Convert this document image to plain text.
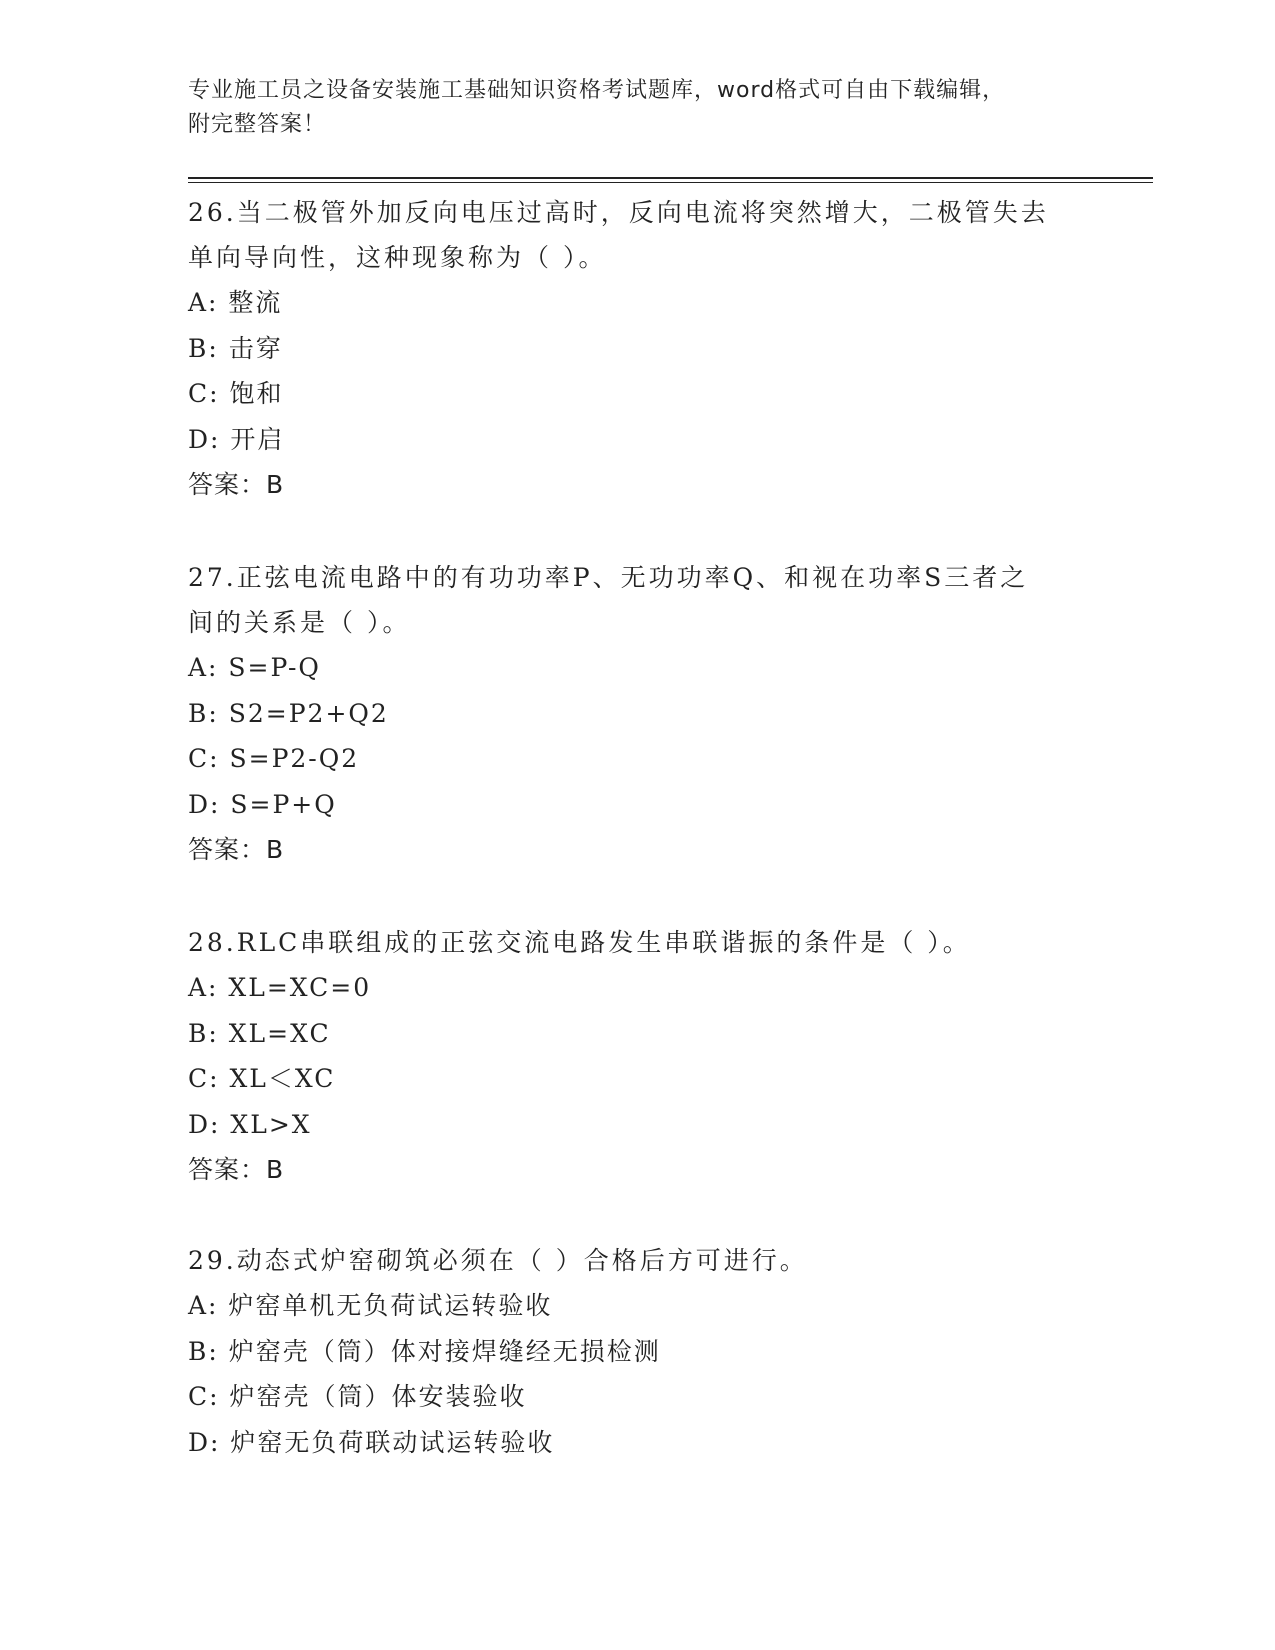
专业施工员之设备安装施工基础知识资格考试题库，word格式可自由下载编辑，
附完整答案！
26.当二极管外加反向电压过高时，反向电流将突然增大，二极管失去
单向导向性，这种现象称为（ ）。
A: 整流
B: 击穿
C: 饱和
D: 开启
答案：B
27.正弦电流电路中的有功功率P、无功功率Q、和视在功率S三者之
间的关系是（ ）。
A: S=P-Q
B: S2=P2+Q2
C: S=P2-Q2
D: S=P+Q
答案：B
28.RLC串联组成的正弦交流电路发生串联谐振的条件是（ ）。
A: XL=XC=0
B: XL=XC
C: XL＜XC
D: XL>X
答案：B
29.动态式炉窑砌筑必须在（ ）合格后方可进行。
A: 炉窑单机无负荷试运转验收
B: 炉窑壳（筒）体对接焊缝经无损检测
C: 炉窑壳（筒）体安装验收
D: 炉窑无负荷联动试运转验收
